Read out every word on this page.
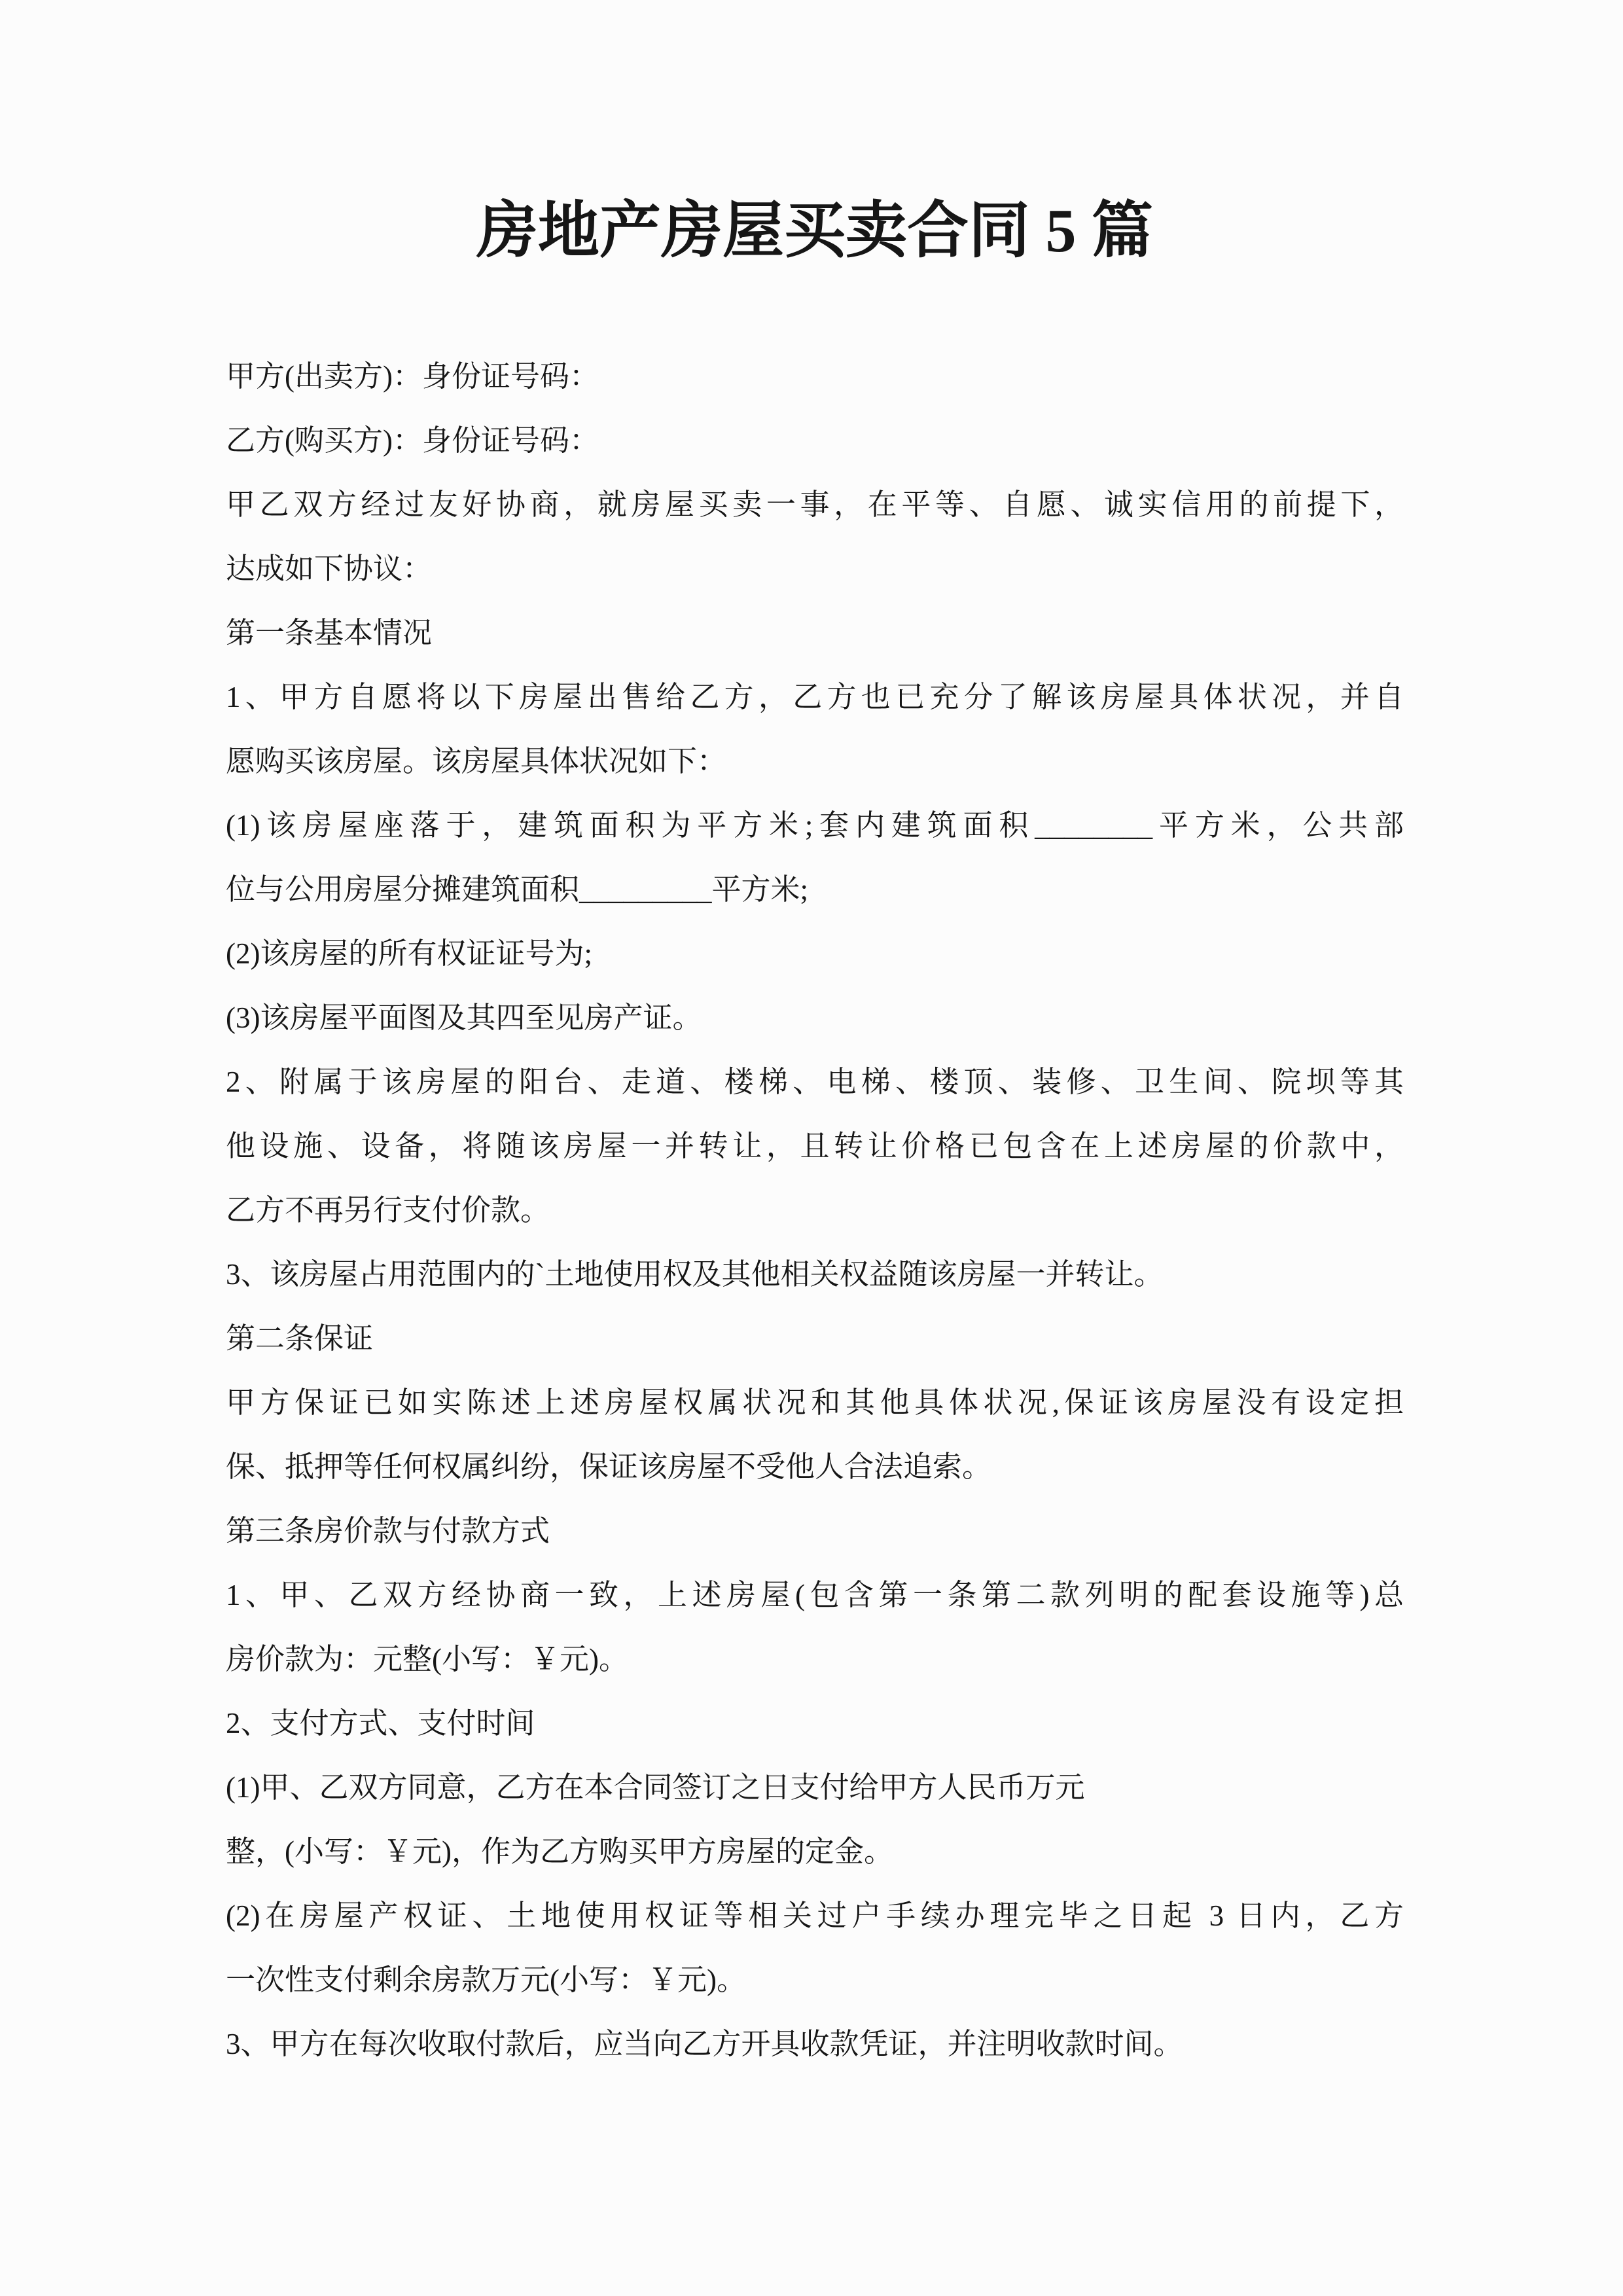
房地产房屋买卖合同 5 篇
甲方(出卖方)：身份证号码：
乙方(购买方)：身份证号码：
甲乙双方经过友好协商，就房屋买卖一事，在平等、自愿、诚实信用的前提下，
达成如下协议：
第一条基本情况
1、甲方自愿将以下房屋出售给乙方，乙方也已充分了解该房屋具体状况，并自
愿购买该房屋。该房屋具体状况如下：
(1)该房屋座落于，建筑面积为平方米;套内建筑面积________平方米，公共部
位与公用房屋分摊建筑面积_________平方米;
(2)该房屋的所有权证证号为;
(3)该房屋平面图及其四至见房产证。
2、附属于该房屋的阳台、走道、楼梯、电梯、楼顶、装修、卫生间、院坝等其
他设施、设备，将随该房屋一并转让，且转让价格已包含在上述房屋的价款中，
乙方不再另行支付价款。
3、该房屋占用范围内的`土地使用权及其他相关权益随该房屋一并转让。
第二条保证
甲方保证已如实陈述上述房屋权属状况和其他具体状况,保证该房屋没有设定担
保、抵押等任何权属纠纷，保证该房屋不受他人合法追索。
第三条房价款与付款方式
1、甲、乙双方经协商一致，上述房屋(包含第一条第二款列明的配套设施等)总
房价款为：元整(小写：￥元)。
2、支付方式、支付时间
(1)甲、乙双方同意，乙方在本合同签订之日支付给甲方人民币万元
整，(小写：￥元)，作为乙方购买甲方房屋的定金。
(2)在房屋产权证、土地使用权证等相关过户手续办理完毕之日起 3 日内，乙方
一次性支付剩余房款万元(小写：￥元)。
3、甲方在每次收取付款后，应当向乙方开具收款凭证，并注明收款时间。
